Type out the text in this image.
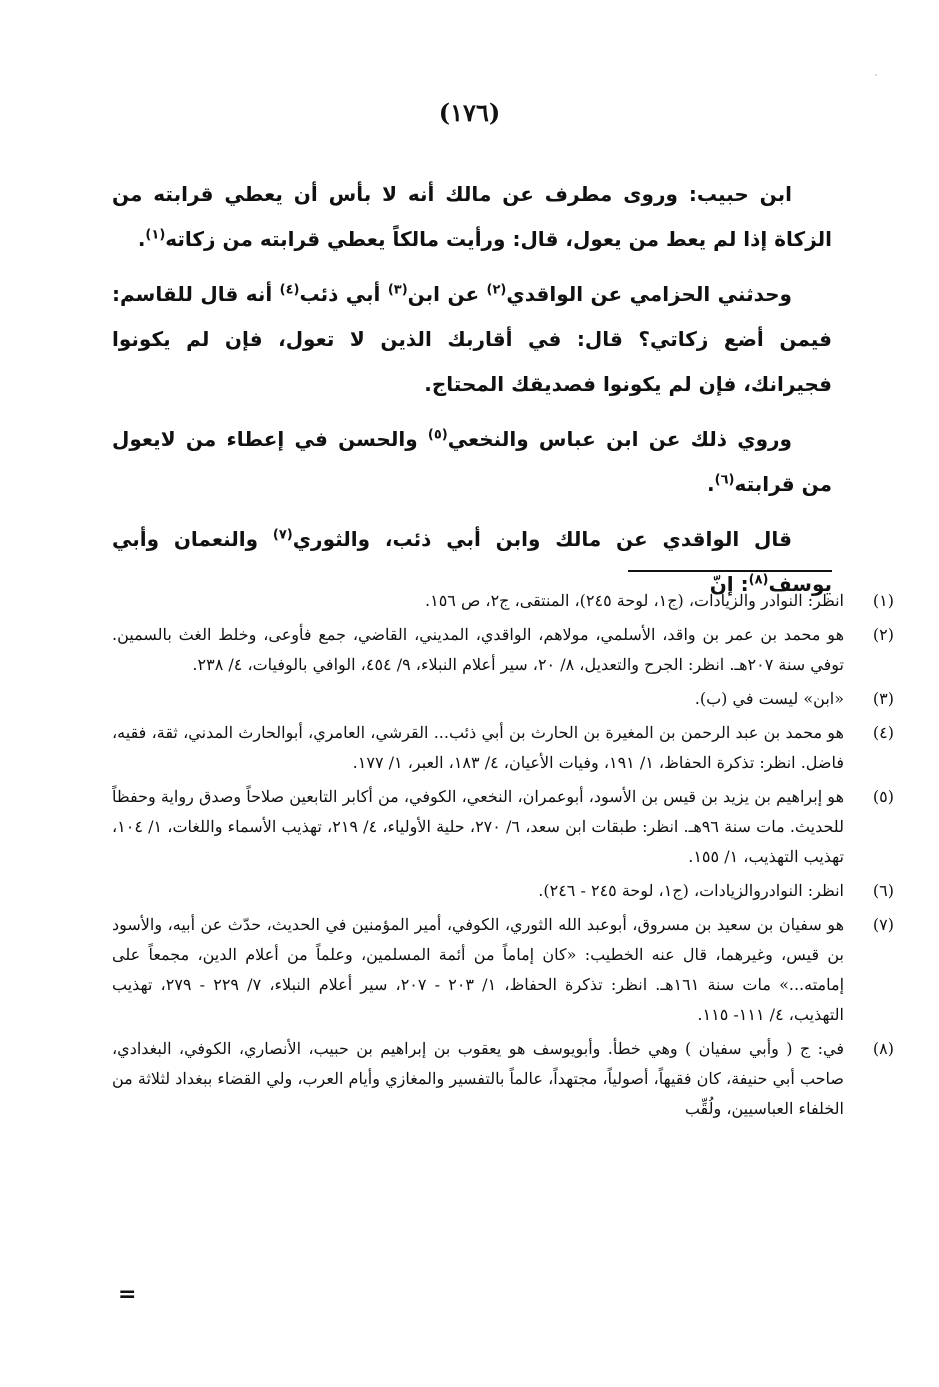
ˊ
(١٧٦)

ابن حبيب: وروى مطرف عن مالك أنه لا بأس أن يعطي قرابته من الزكاة إذا لم يعط من يعول، قال: ورأيت مالكاً يعطي قرابته من زكاته$^{(١)}$.

وحدثني الحزامي عن الواقدي$^{(٢)}$ عن ابن$^{(٣)}$ أبي ذئب$^{(٤)}$ أنه قال للقاسم: فيمن أضع زكاتي؟ قال: في أقاربك الذين لا تعول، فإن لم يكونوا فجيرانك، فإن لم يكونوا فصديقك المحتاج.

وروي ذلك عن ابن عباس والنخعي$^{(٥)}$ والحسن في إعطاء من لايعول من قرابته$^{(٦)}$.

قال الواقدي عن مالك وابن أبي ذئب، والثوري$^{(٧)}$ والنعمان وأبي يوسف$^{(٨)}$: إنّ

(١)
انظر: النوادر والزيادات، (ج١، لوحة ٢٤٥)، المنتقى، ج٢، ص ١٥٦.
(٢)
هو محمد بن عمر بن واقد، الأسلمي، مولاهم، الواقدي، المديني، القاضي، جمع فأوعى، وخلط الغث بالسمين. توفي سنة ٢٠٧هـ. انظر: الجرح والتعديل، ٨/ ٢٠، سير أعلام النبلاء، ٩/ ٤٥٤، الوافي بالوفيات، ٤/ ٢٣٨.
(٣)
«ابن» ليست في (ب).
(٤)
هو محمد بن عبد الرحمن بن المغيرة بن الحارث بن أبي ذئب... القرشي، العامري، أبوالحارث المدني، ثقة، فقيه، فاضل. انظر: تذكرة الحفاظ، ١/ ١٩١، وفيات الأعيان، ٤/ ١٨٣، العبر، ١/ ١٧٧.
(٥)
هو إبراهيم بن يزيد بن قيس بن الأسود، أبوعمران، النخعي، الكوفي، من أكابر التابعين صلاحاً وصدق رواية وحفظاً للحديث. مات سنة ٩٦هـ. انظر: طبقات ابن سعد، ٦/ ٢٧٠، حلية الأولياء، ٤/ ٢١٩، تهذيب الأسماء واللغات، ١/ ١٠٤، تهذيب التهذيب، ١/ ١٥٥.
(٦)
انظر: النوادروالزيادات، (ج١، لوحة ٢٤٥ - ٢٤٦).
(٧)
هو سفيان بن سعيد بن مسروق، أبوعبد الله الثوري، الكوفي، أمير المؤمنين في الحديث، حدّث عن أبيه، والأسود بن قيس، وغيرهما، قال عنه الخطيب: «كان إماماً من أئمة المسلمين، وعلماً من أعلام الدين، مجمعاً على إمامته...» مات سنة ١٦١هـ. انظر: تذكرة الحفاظ، ١/ ٢٠٣ - ٢٠٧، سير أعلام النبلاء، ٧/ ٢٢٩ - ٢٧٩، تهذيب التهذيب، ٤/ ١١١- ١١٥.
(٨)
في: ج ( وأبي سفيان ) وهي خطأ. وأبويوسف هو يعقوب بن إبراهيم بن حبيب، الأنصاري، الكوفي، البغدادي، صاحب أبي حنيفة، كان فقيهاً، أصولياً، مجتهداً، عالماً بالتفسير والمغازي وأيام العرب، ولي القضاء ببغداد لثلاثة من الخلفاء العباسيين، ولُقِّب
=
